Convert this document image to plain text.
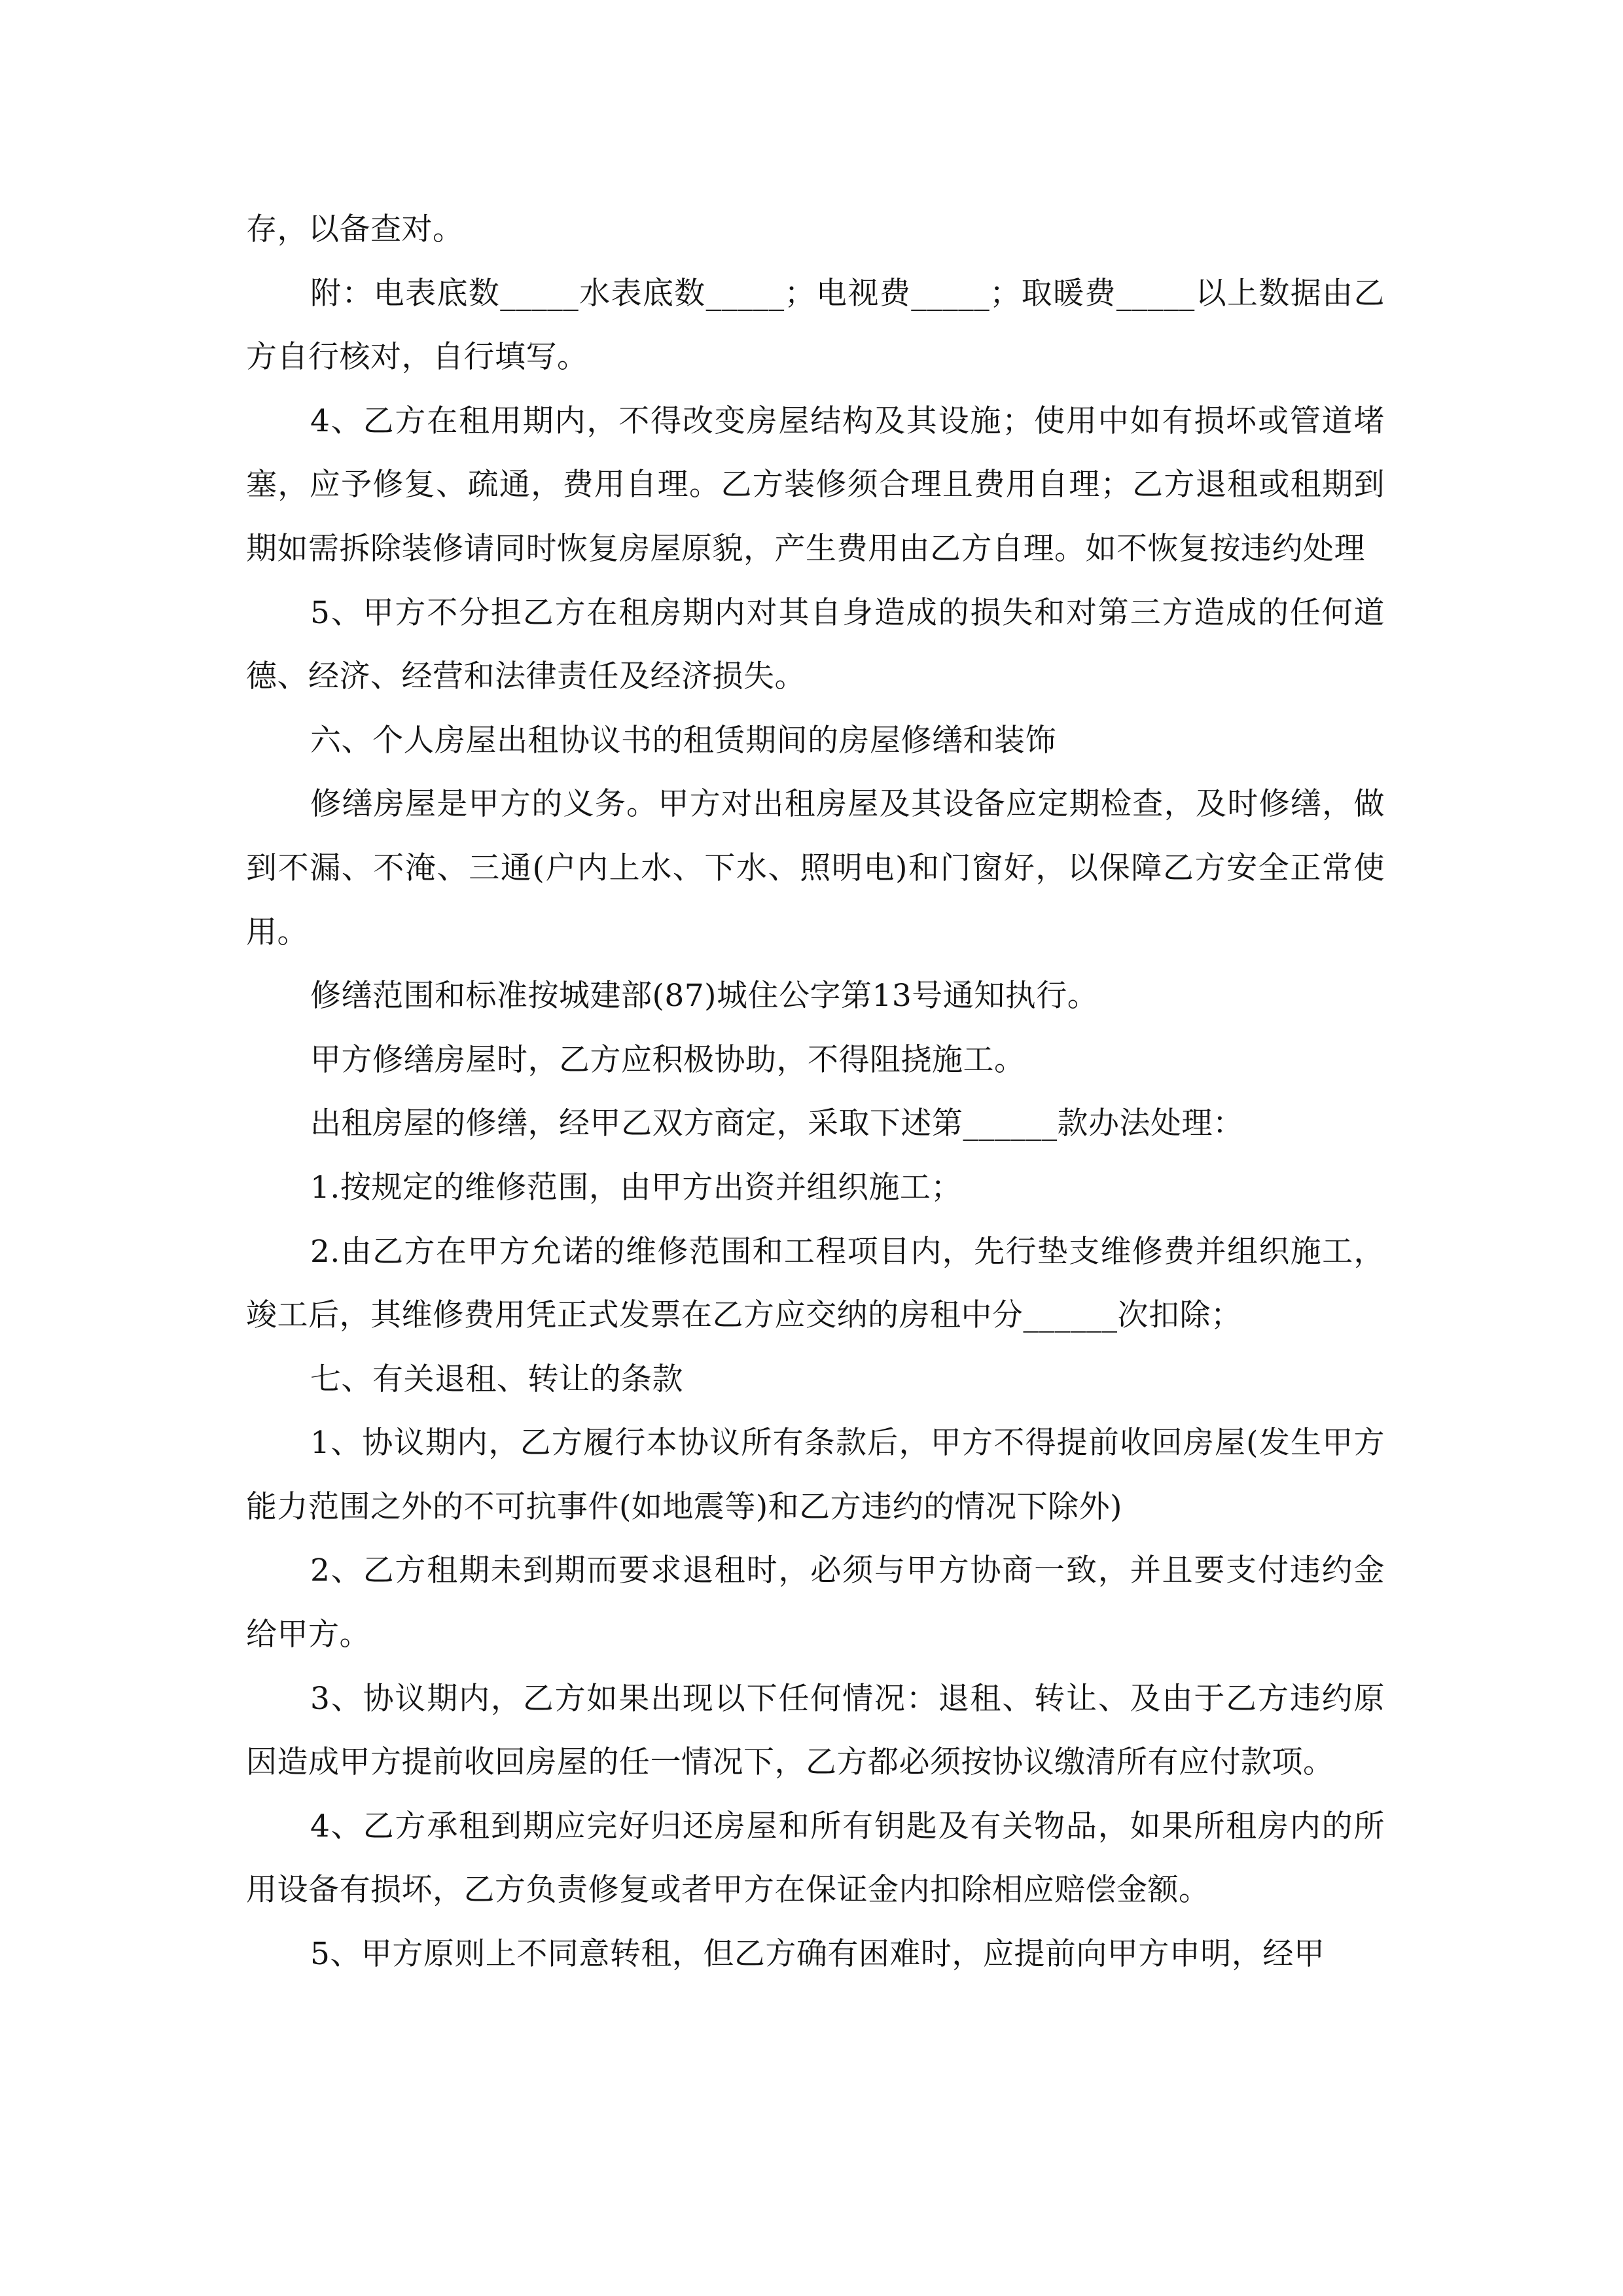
存，以备查对。

附：电表底数_____水表底数_____；电视费_____；取暖费_____以上数据由乙方自行核对，自行填写。

4、乙方在租用期内，不得改变房屋结构及其设施；使用中如有损坏或管道堵塞，应予修复、疏通，费用自理。乙方装修须合理且费用自理；乙方退租或租期到期如需拆除装修请同时恢复房屋原貌，产生费用由乙方自理。如不恢复按违约处理

5、甲方不分担乙方在租房期内对其自身造成的损失和对第三方造成的任何道德、经济、经营和法律责任及经济损失。

六、个人房屋出租协议书的租赁期间的房屋修缮和装饰

修缮房屋是甲方的义务。甲方对出租房屋及其设备应定期检查，及时修缮，做到不漏、不淹、三通(户内上水、下水、照明电)和门窗好，以保障乙方安全正常使用。

修缮范围和标准按城建部(87)城住公字第13号通知执行。

甲方修缮房屋时，乙方应积极协助，不得阻挠施工。

出租房屋的修缮，经甲乙双方商定，采取下述第______款办法处理：

1.按规定的维修范围，由甲方出资并组织施工；

2.由乙方在甲方允诺的维修范围和工程项目内，先行垫支维修费并组织施工，竣工后，其维修费用凭正式发票在乙方应交纳的房租中分______次扣除；

七、有关退租、转让的条款

1、协议期内，乙方履行本协议所有条款后，甲方不得提前收回房屋(发生甲方能力范围之外的不可抗事件(如地震等)和乙方违约的情况下除外)

2、乙方租期未到期而要求退租时，必须与甲方协商一致，并且要支付违约金给甲方。

3、协议期内，乙方如果出现以下任何情况：退租、转让、及由于乙方违约原因造成甲方提前收回房屋的任一情况下，乙方都必须按协议缴清所有应付款项。

4、乙方承租到期应完好归还房屋和所有钥匙及有关物品，如果所租房内的所用设备有损坏，乙方负责修复或者甲方在保证金内扣除相应赔偿金额。

5、甲方原则上不同意转租，但乙方确有困难时，应提前向甲方申明，经甲
